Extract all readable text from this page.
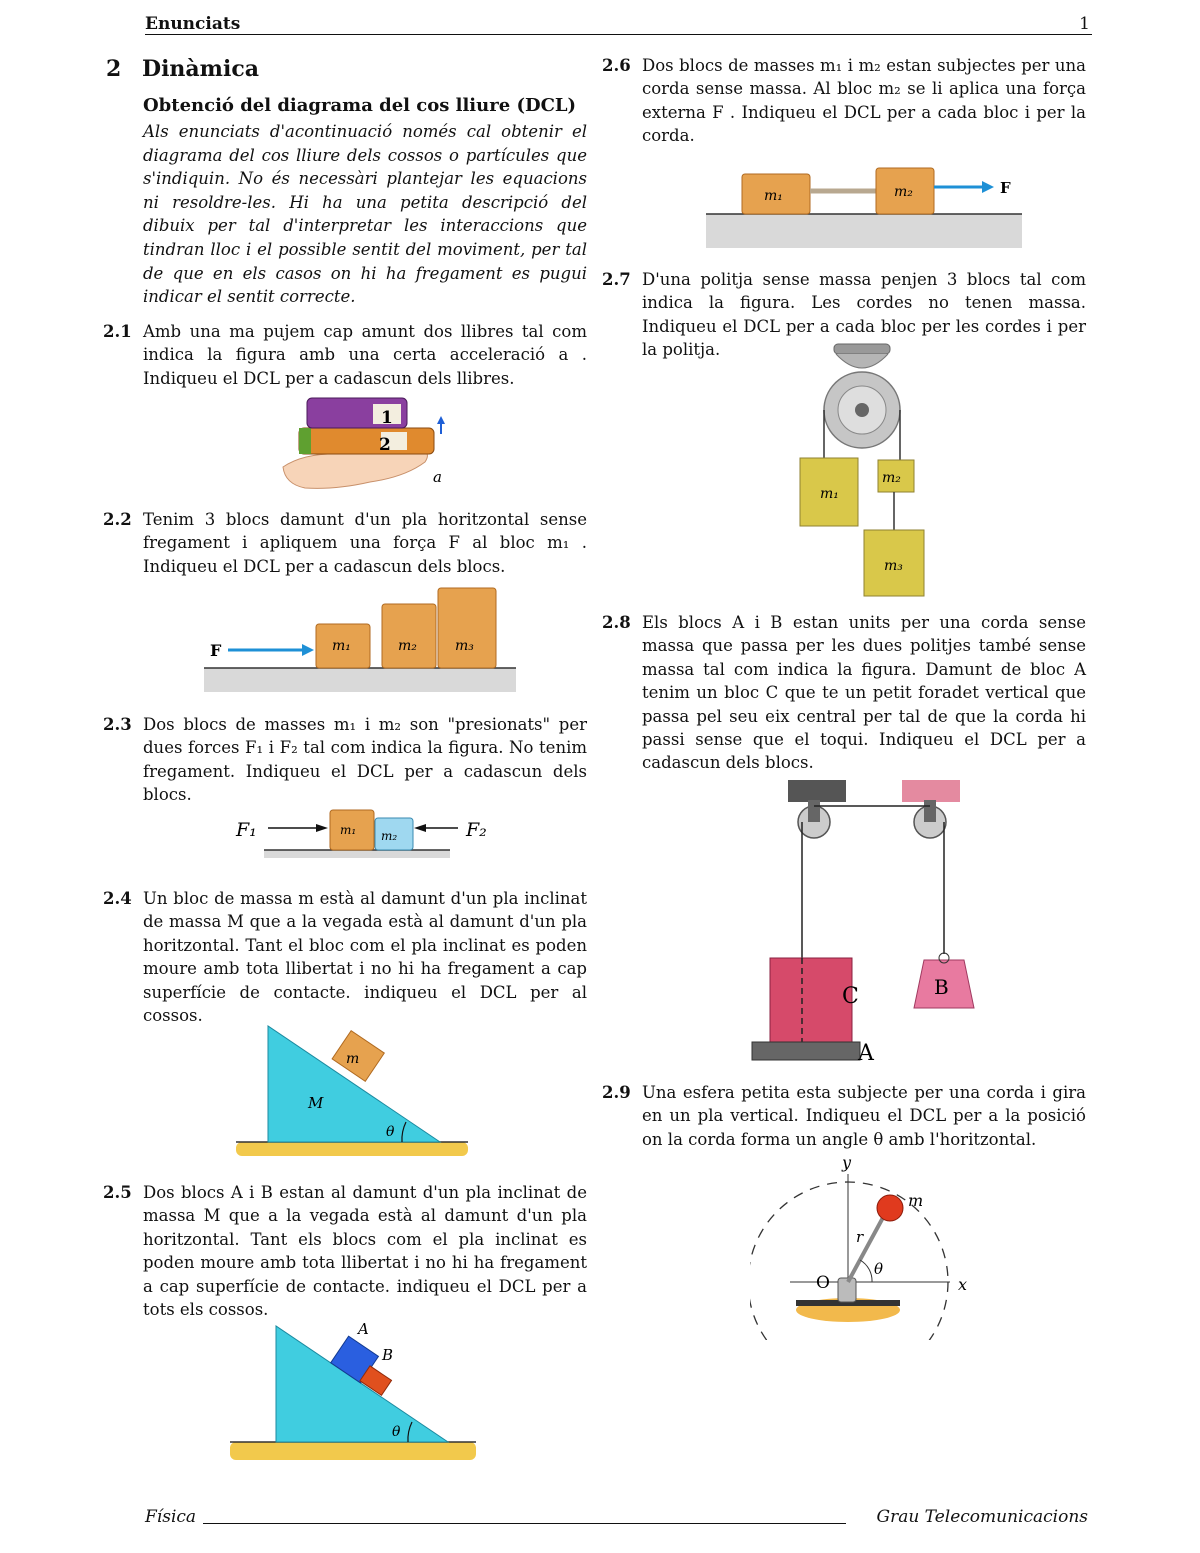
Enunciats	1
2 Dinàmica
Obtenció del diagrama del cos lliure (DCL)
Als enunciats d'acontinuació només cal obtenir el diagrama del cos lliure dels cossos o partícules que s'indiquin. No és necessàri plantejar les equacions ni resoldre-les. Hi ha una petita descripció del dibuix per tal d'interpretar les interaccions que tindran lloc i el possible sentit del moviment, per tal de que en els casos on hi ha fregament es pugui indicar el sentit correcte.
2.1 Amb una ma pujem cap amunt dos llibres tal com indica la figura amb una certa acceleració a . Indiqueu el DCL per a cadascun dels llibres.
1
2
a
2.2 Tenim 3 blocs damunt d'un pla horitzontal sense fregament i apliquem una força F al bloc m₁ . Indiqueu el DCL per a cadascun dels blocs.
F	m₁	m₂	m₃
2.3 Dos blocs de masses m₁ i m₂ son "presionats" per dues forces F₁ i F₂ tal com indica la figura. No tenim fregament. Indiqueu el DCL per a cadascun dels blocs.
F₁	m₁ m₂	F₂
2.4 Un bloc de massa m està al damunt d'un pla inclinat de massa M que a la vegada està al damunt d'un pla horitzontal. Tant el bloc com el pla inclinat es poden moure amb tota llibertat i no hi ha fregament a cap superfície de contacte. indiqueu el DCL per al cossos.
m
M
θ
2.5 Dos blocs A i B estan al damunt d'un pla inclinat de massa M que a la vegada està al damunt d'un pla horitzontal. Tant els blocs com el pla inclinat es poden moure amb tota llibertat i no hi ha fregament a cap superfície de contacte. indiqueu el DCL per a tots els cossos.
A
B
θ
2.6 Dos blocs de masses m₁ i m₂ estan subjectes per una corda sense massa. Al bloc m₂ se li aplica una força externa F . Indiqueu el DCL per a cada bloc i per la corda.
m₁	m₂	F
2.7 D'una politja sense massa penjen 3 blocs tal com indica la figura. Les cordes no tenen massa. Indiqueu el DCL per a cada bloc per les cordes i per la politja.
m₁
m₂
m₃
2.8 Els blocs A i B estan units per una corda sense massa que passa per les dues politjes també sense massa tal com indica la figura. Damunt de bloc A tenim un bloc C que te un petit foradet vertical que passa pel seu eix central per tal de que la corda hi passi sense que el toqui. Indiqueu el DCL per a cadascun dels blocs.
C	B
A
2.9 Una esfera petita esta subjecte per una corda i gira en un pla vertical. Indiqueu el DCL per a la posició on la corda forma un angle θ amb l'horitzontal.
y
x
m
r
θ
O
Física	Grau Telecomunicacions
